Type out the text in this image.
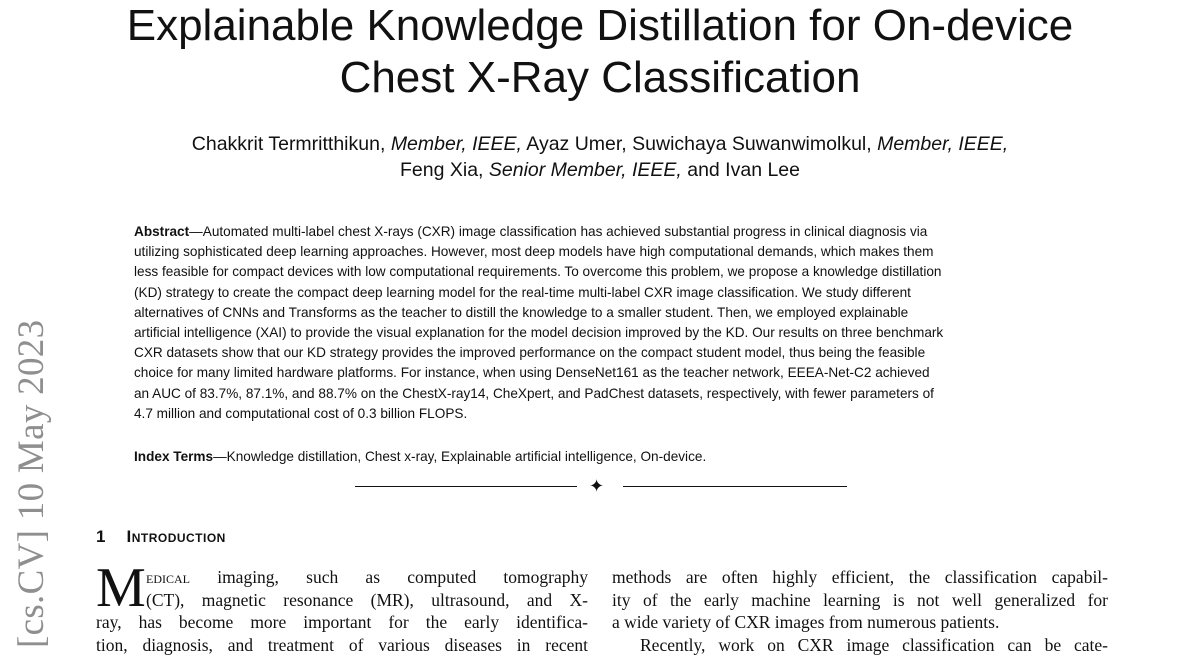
Explainable Knowledge Distillation for On-device
Chest X-Ray Classification
Chakkrit Termritthikun, Member, IEEE, Ayaz Umer, Suwichaya Suwanwimolkul, Member, IEEE,
Feng Xia, Senior Member, IEEE, and Ivan Lee
Abstract—Automated multi-label chest X-rays (CXR) image classification has achieved substantial progress in clinical diagnosis via
utilizing sophisticated deep learning approaches. However, most deep models have high computational demands, which makes them
less feasible for compact devices with low computational requirements. To overcome this problem, we propose a knowledge distillation
(KD) strategy to create the compact deep learning model for the real-time multi-label CXR image classification. We study different
alternatives of CNNs and Transforms as the teacher to distill the knowledge to a smaller student. Then, we employed explainable
artificial intelligence (XAI) to provide the visual explanation for the model decision improved by the KD. Our results on three benchmark
CXR datasets show that our KD strategy provides the improved performance on the compact student model, thus being the feasible
choice for many limited hardware platforms. For instance, when using DenseNet161 as the teacher network, EEEA-Net-C2 achieved
an AUC of 83.7%, 87.1%, and 88.7% on the ChestX-ray14, CheXpert, and PadChest datasets, respectively, with fewer parameters of
4.7 million and computational cost of 0.3 billion FLOPS.
Index Terms—Knowledge distillation, Chest x-ray, Explainable artificial intelligence, On-device.
✦
[cs.CV] 10 May 2023	1 Introduction
M edical imaging, such as computed tomography
(CT), magnetic resonance (MR), ultrasound, and X-
ray, has become more important for the early identifica-
tion, diagnosis, and treatment of various diseases in recent
methods are often highly efficient, the classification capabil-
ity of the early machine learning is not well generalized for
a wide variety of CXR images from numerous patients.
Recently, work on CXR image classification can be cate-
